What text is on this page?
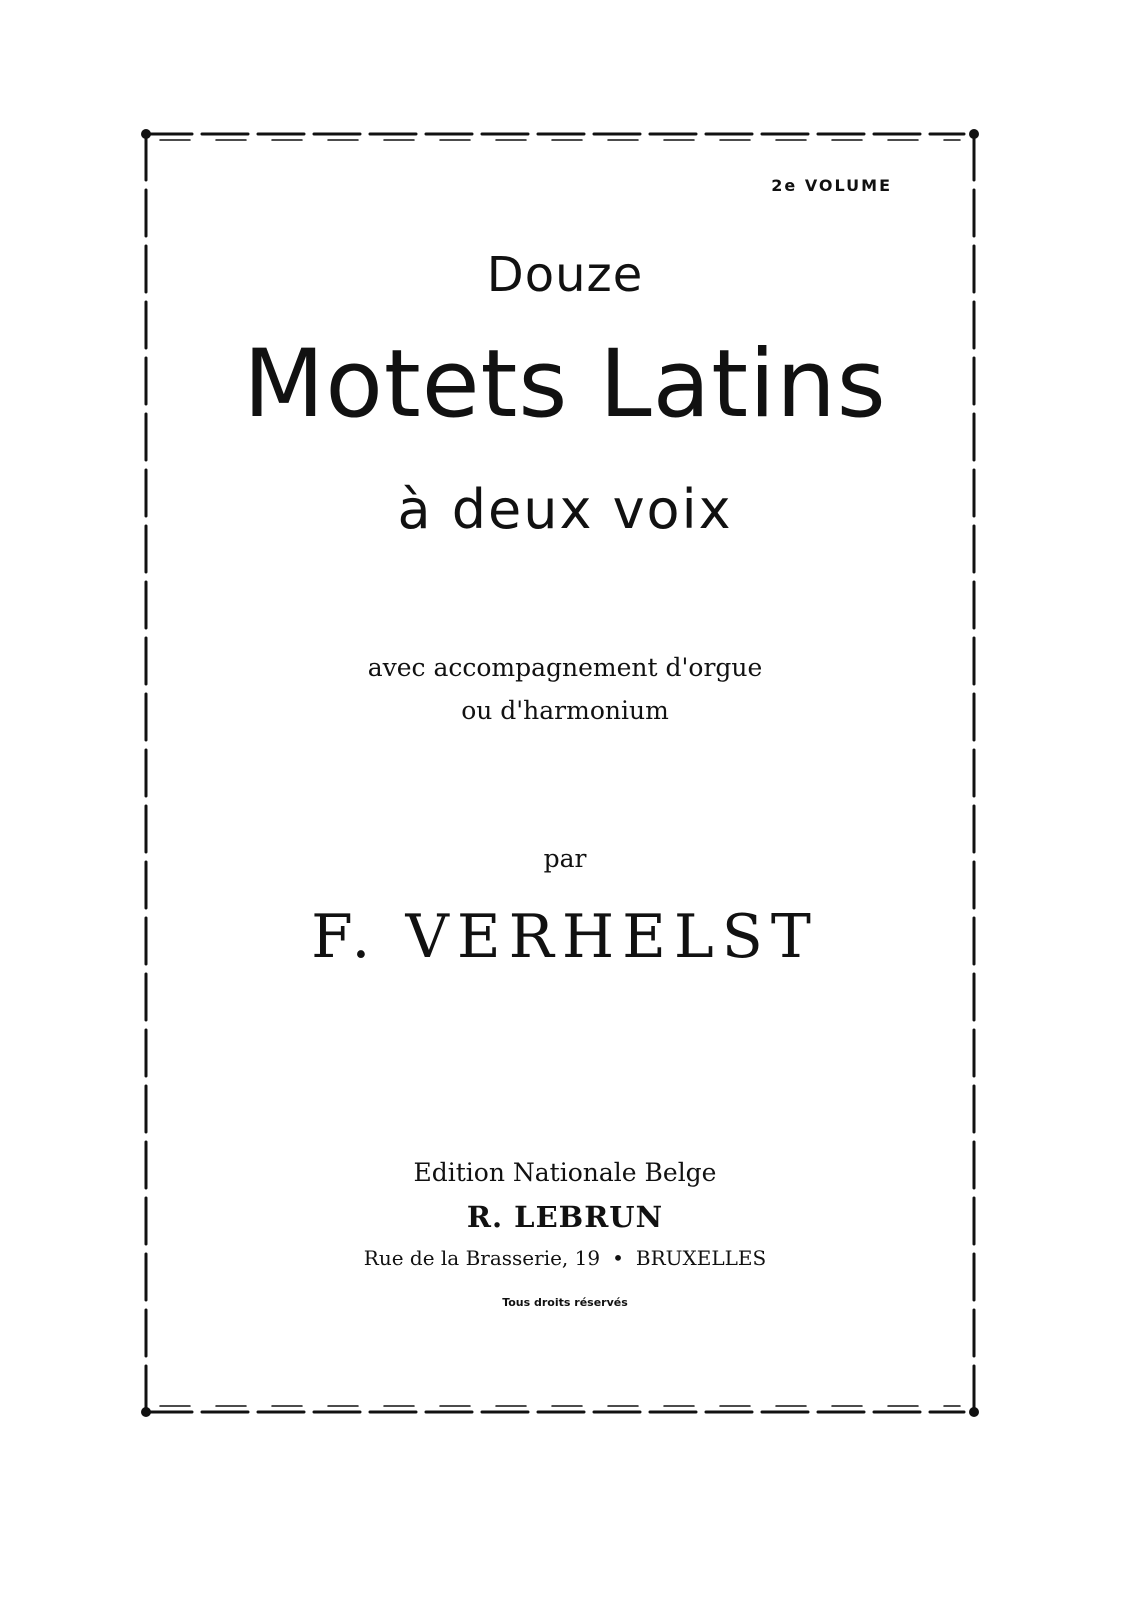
2e VOLUME
Douze
Motets Latins
à deux voix
avec accompagnement d'orgue
ou d'harmonium
par
F. VERHELST
Edition Nationale Belge
R. LEBRUN
Rue de la Brasserie, 19 • BRUXELLES
Tous droits réservés
